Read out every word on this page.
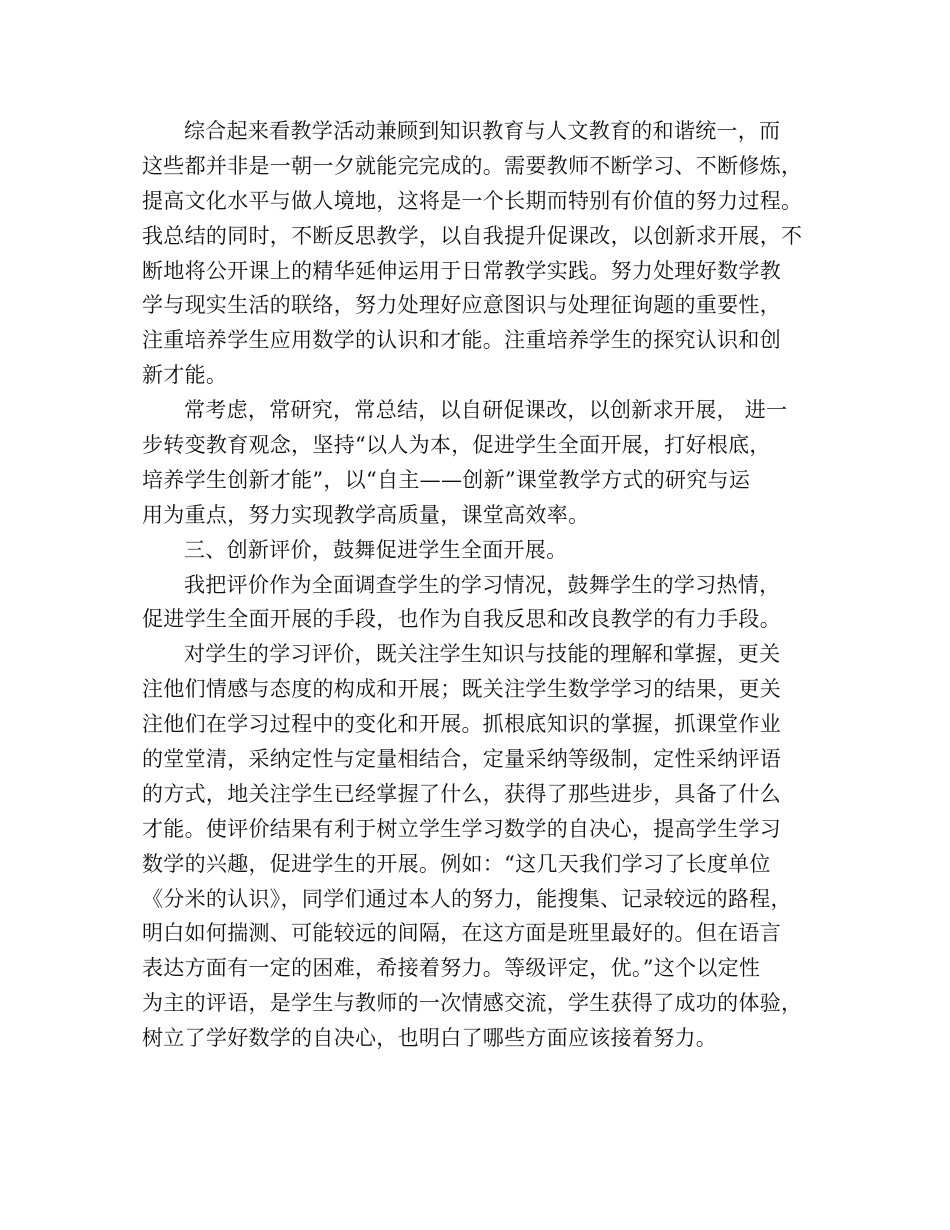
综合起来看教学活动兼顾到知识教育与人文教育的和谐统一，而
这些都并非是一朝一夕就能完完成的。需要教师不断学习、不断修炼，
提高文化水平与做人境地，这将是一个长期而特别有价值的努力过程。
我总结的同时，不断反思教学，以自我提升促课改，以创新求开展，不
断地将公开课上的精华延伸运用于日常教学实践。努力处理好数学教
学与现实生活的联络，努力处理好应意图识与处理征询题的重要性，
注重培养学生应用数学的认识和才能。注重培养学生的探究认识和创
新才能。
常考虑，常研究，常总结，以自研促课改，以创新求开展， 进一
步转变教育观念，坚持“以人为本，促进学生全面开展，打好根底，
培养学生创新才能”，以“自主——创新”课堂教学方式的研究与运
用为重点，努力实现教学高质量，课堂高效率。
三、创新评价，鼓舞促进学生全面开展。
我把评价作为全面调查学生的学习情况，鼓舞学生的学习热情，
促进学生全面开展的手段，也作为自我反思和改良教学的有力手段。
对学生的学习评价，既关注学生知识与技能的理解和掌握，更关
注他们情感与态度的构成和开展；既关注学生数学学习的结果，更关
注他们在学习过程中的变化和开展。抓根底知识的掌握，抓课堂作业
的堂堂清，采纳定性与定量相结合，定量采纳等级制，定性采纳评语
的方式，地关注学生已经掌握了什么，获得了那些进步，具备了什么
才能。使评价结果有利于树立学生学习数学的自决心，提高学生学习
数学的兴趣，促进学生的开展。例如：“这几天我们学习了长度单位
《分米的认识》，同学们通过本人的努力，能搜集、记录较远的路程，
明白如何揣测、可能较远的间隔，在这方面是班里最好的。但在语言
表达方面有一定的困难，希接着努力。等级评定，优。”这个以定性
为主的评语，是学生与教师的一次情感交流，学生获得了成功的体验，
树立了学好数学的自决心，也明白了哪些方面应该接着努力。
